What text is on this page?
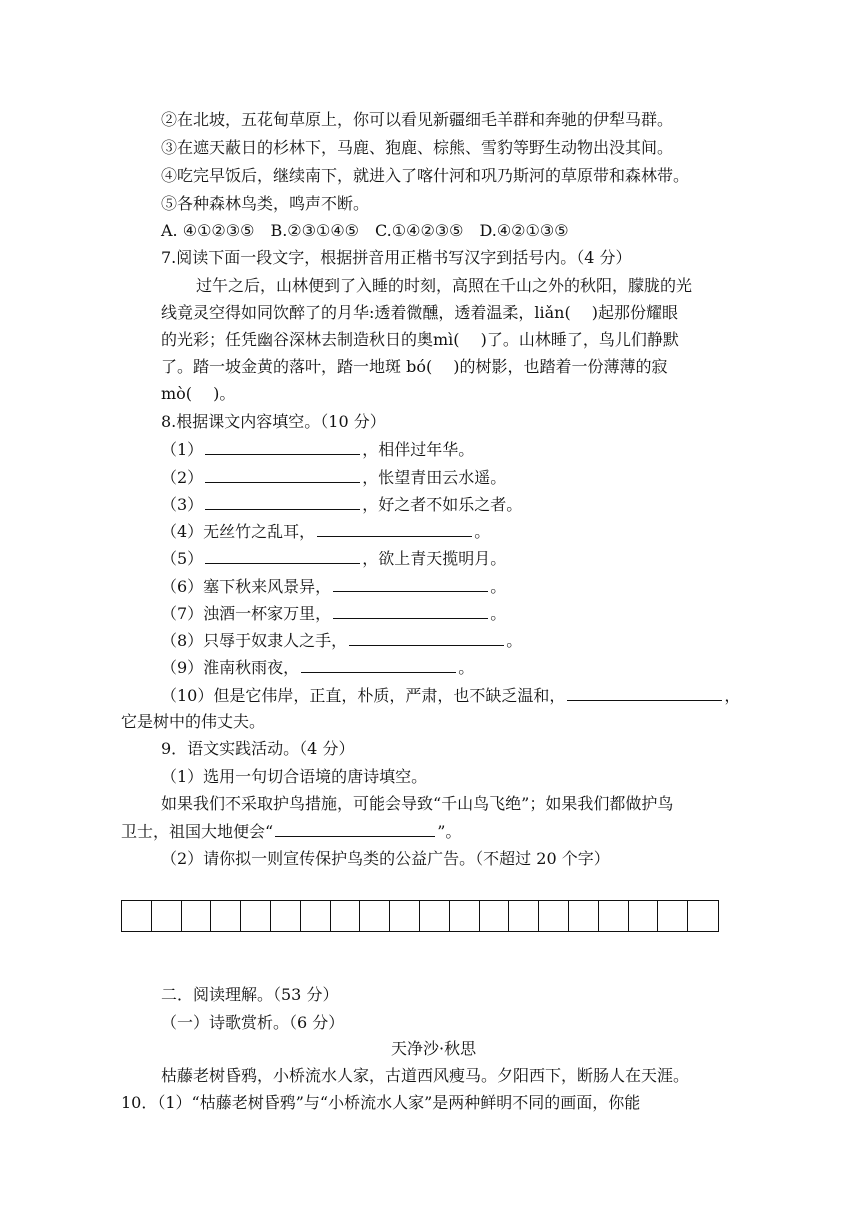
②在北坡，五花甸草原上，你可以看见新疆细毛羊群和奔驰的伊犁马群。
③在遮天蔽日的杉林下，马鹿、狍鹿、棕熊、雪豹等野生动物出没其间。
④吃完早饭后，继续南下，就进入了喀什河和巩乃斯河的草原带和森林带。
⑤各种森林鸟类，鸣声不断。
A. ④①②③⑤　B.②③①④⑤　C.①④②③⑤　D.④②①③⑤
7.阅读下面一段文字，根据拼音用正楷书写汉字到括号内。（4 分）
过午之后，山林便到了入睡的时刻，高照在千山之外的秋阳，朦胧的光
线竟灵空得如同饮醉了的月华:透着微醺，透着温柔，liǎn(　 )起那份耀眼
的光彩；任凭幽谷深林去制造秋日的奥mì(　 )了。山林睡了，鸟儿们静默
了。踏一坡金黄的落叶，踏一地斑 bó(　 )的树影，也踏着一份薄薄的寂
mò(　 )。
8.根据课文内容填空。（10 分）
（1）	，相伴过年华。
（2）	，怅望青田云水遥。
（3）	，好之者不如乐之者。
（4）无丝竹之乱耳，	。
（5）	，欲上青天揽明月。
（6）塞下秋来风景异，	。
（7）浊酒一杯家万里，	。
（8）只辱于奴隶人之手，	。
（9）淮南秋雨夜，	。
（10）但是它伟岸，正直，朴质，严肃，也不缺乏温和，	，
它是树中的伟丈夫。
9．语文实践活动。（4 分）
（1）选用一句切合语境的唐诗填空。
如果我们不采取护鸟措施，可能会导致“千山鸟飞绝”；如果我们都做护鸟
卫士，祖国大地便会“	”。
（2）请你拟一则宣传保护鸟类的公益广告。（不超过 20 个字）
二．阅读理解。（53 分）
（一）诗歌赏析。（6 分）
天净沙·秋思
枯藤老树昏鸦，小桥流水人家，古道西风瘦马。夕阳西下，断肠人在天涯。
10．（1）“枯藤老树昏鸦”与“小桥流水人家”是两种鲜明不同的画面，你能
